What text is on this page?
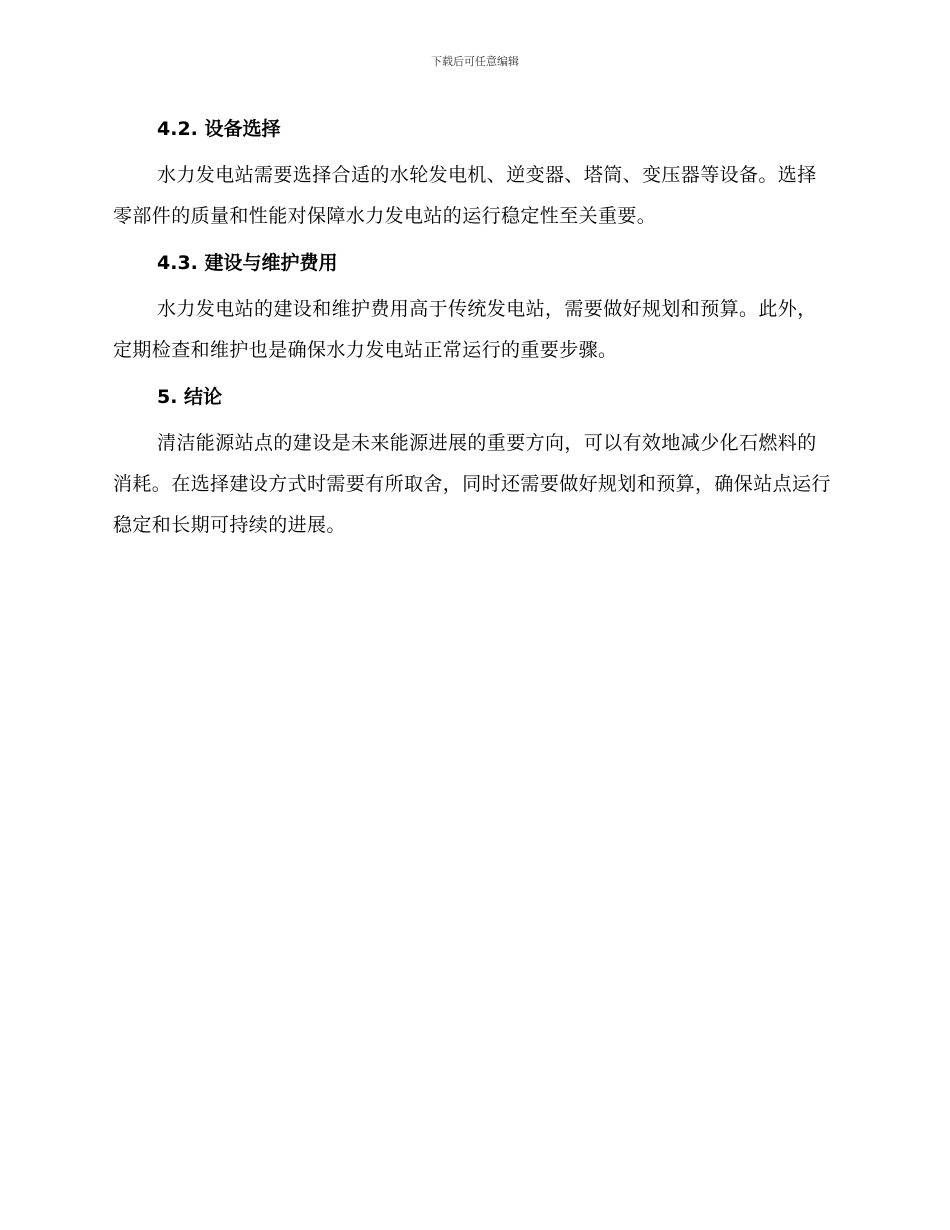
下载后可任意编辑
4.2. 设备选择

水力发电站需要选择合适的水轮发电机、逆变器、塔筒、变压器等设备。选择零部件的质量和性能对保障水力发电站的运行稳定性至关重要。

4.3. 建设与维护费用

水力发电站的建设和维护费用高于传统发电站，需要做好规划和预算。此外，定期检查和维护也是确保水力发电站正常运行的重要步骤。

5. 结论

清洁能源站点的建设是未来能源进展的重要方向，可以有效地减少化石燃料的消耗。在选择建设方式时需要有所取舍，同时还需要做好规划和预算，确保站点运行稳定和长期可持续的进展。
